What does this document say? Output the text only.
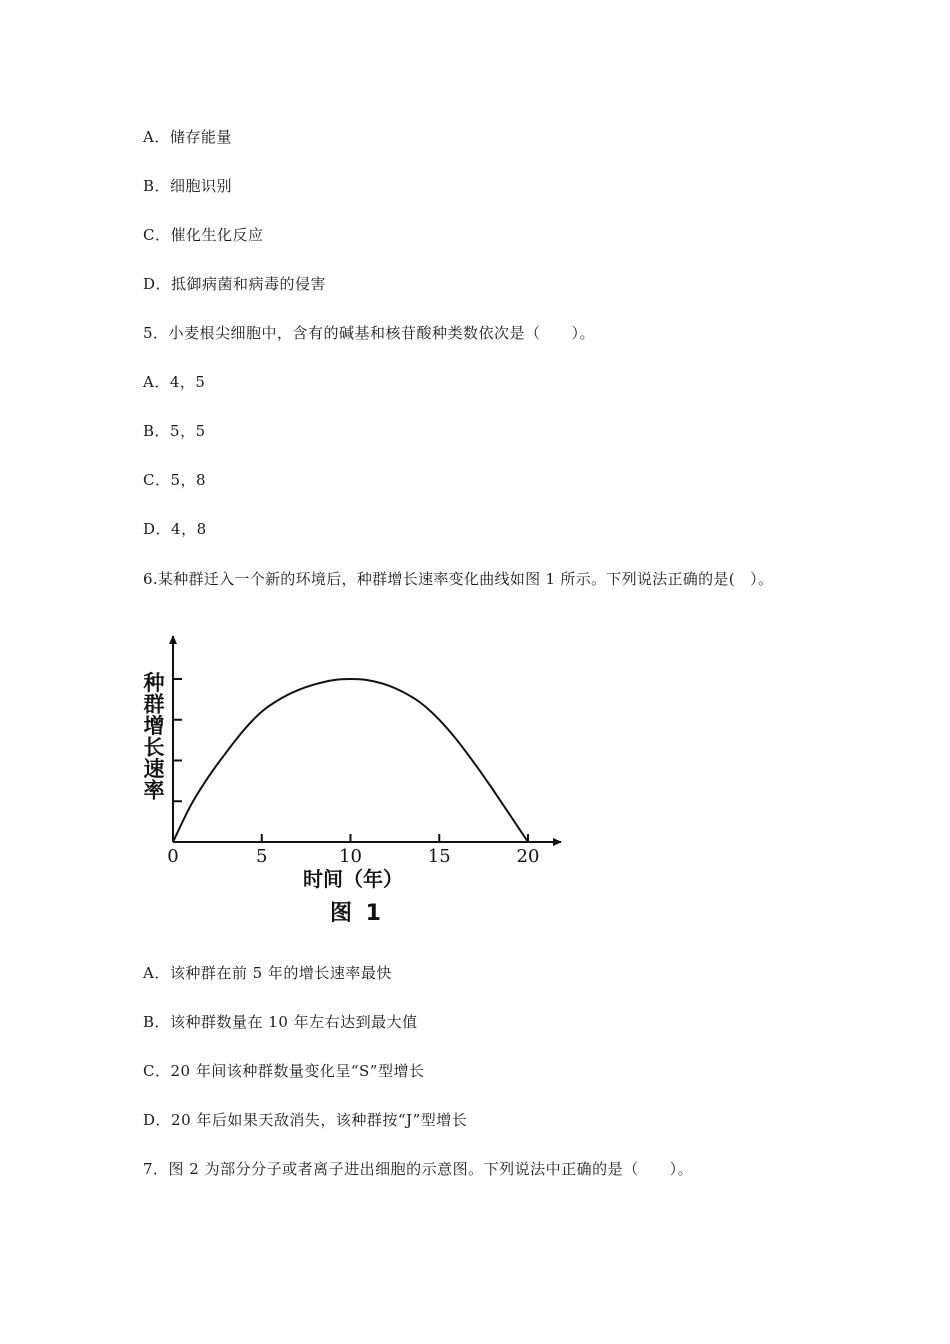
A．储存能量
B．细胞识别
C．催化生化反应
D．抵御病菌和病毒的侵害
5．小麦根尖细胞中，含有的碱基和核苷酸种类数依次是（　　）。
A．4，5
B．5，5
C．5，8
D．4，8
6.某种群迁入一个新的环境后，种群增长速率变化曲线如图 1 所示。下列说法正确的是(　）。
0	5	10	15	20
种群增长速率
时间（年）
图 1
A．该种群在前 5 年的增长速率最快
B．该种群数量在 10 年左右达到最大值
C．20 年间该种群数量变化呈“S”型增长
D．20 年后如果天敌消失，该种群按“J”型增长
7．图 2 为部分分子或者离子进出细胞的示意图。下列说法中正确的是（　　）。
